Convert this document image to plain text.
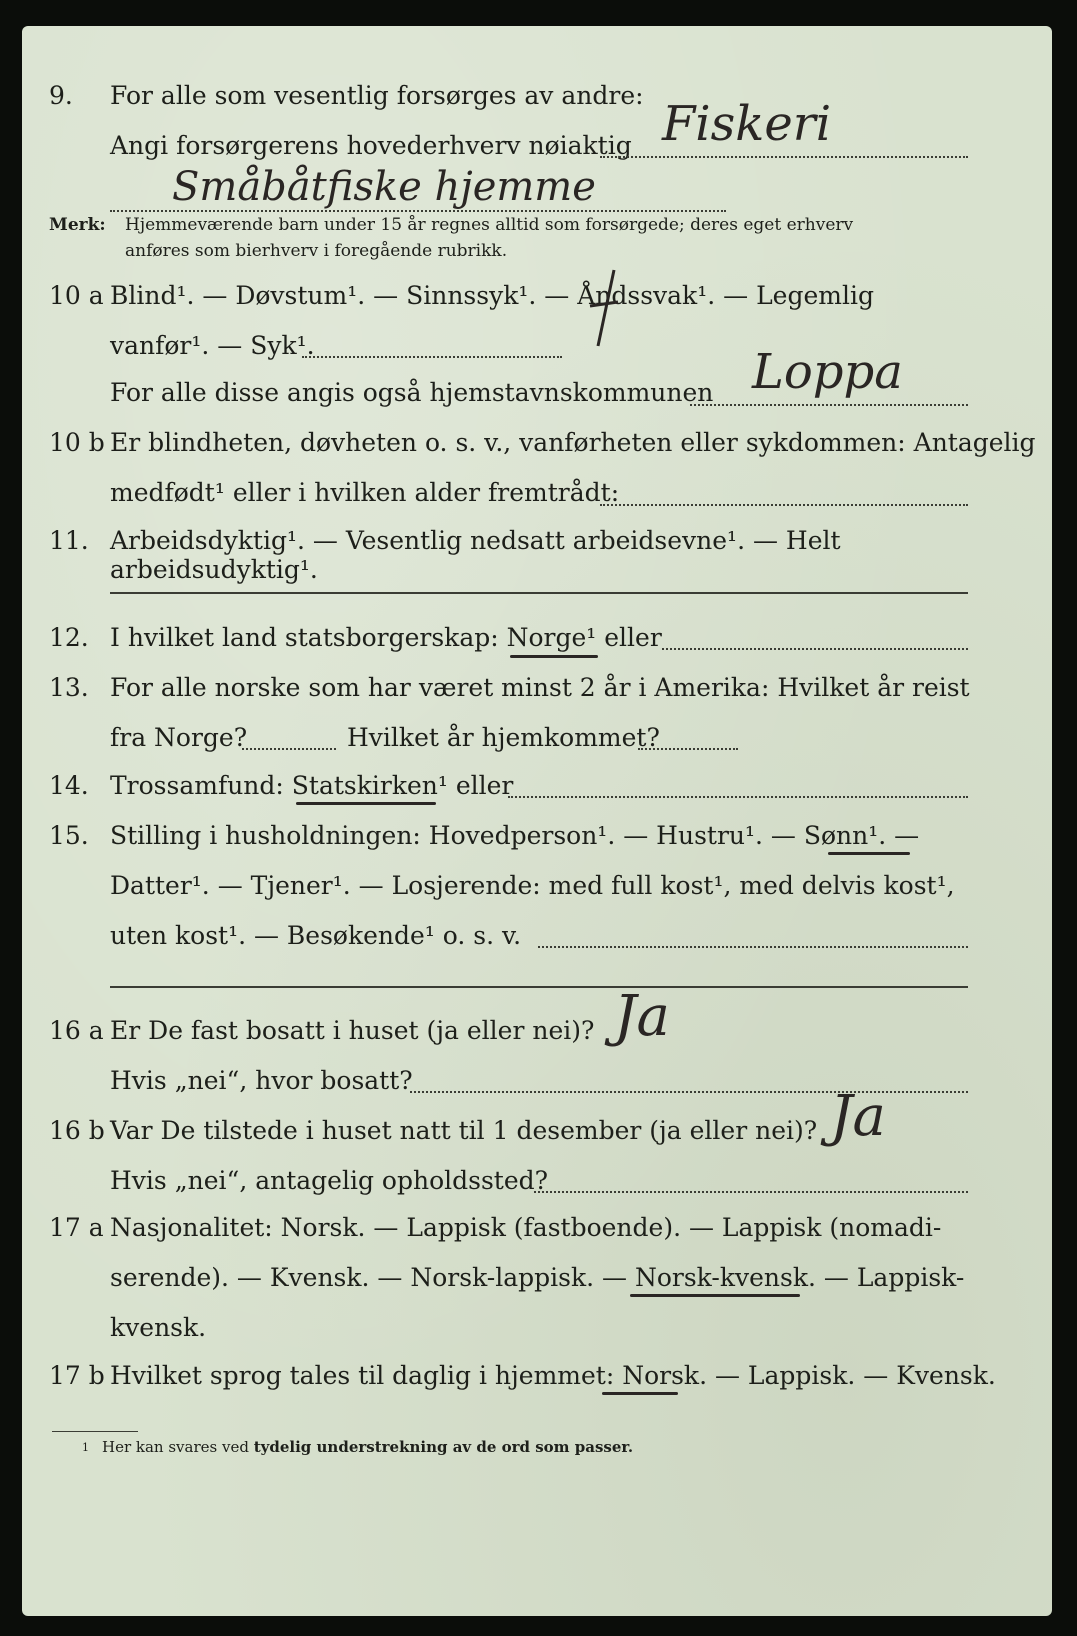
9. For alle som vesentlig forsørges av andre:
Angi forsørgerens hovederhverv nøiaktig Fiskeri
Småbåtfiske hjemme
Merk: Hjemmeværende barn under 15 år regnes alltid som forsørgede; deres eget erhverv
anføres som bierhverv i foregående rubrikk.
10 a Blind¹. — Døvstum¹. — Sinnssyk¹. — Åndssvak¹. — Legemlig
vanfør¹. — Syk¹.
For alle disse angis også hjemstavnskommunen Loppa
10 b Er blindheten, døvheten o. s. v., vanførheten eller sykdommen: Antagelig
medfødt¹ eller i hvilken alder fremtrådt:
11. Arbeidsdyktig¹. — Vesentlig nedsatt arbeidsevne¹. — Helt arbeidsudyktig¹.
12. I hvilket land statsborgerskap: Norge¹ eller
13. For alle norske som har været minst 2 år i Amerika: Hvilket år reist
fra Norge?	Hvilket år hjemkommet?
14. Trossamfund: Statskirken¹ eller
15. Stilling i husholdningen: Hovedperson¹. — Hustru¹. — Sønn¹. —
Datter¹. — Tjener¹. — Losjerende: med full kost¹, med delvis kost¹,
uten kost¹. — Besøkende¹ o. s. v.
16 a Er De fast bosatt i huset (ja eller nei)? Ja
Hvis „nei“, hvor bosatt?
16 b Var De tilstede i huset natt til 1 desember (ja eller nei)? Ja
Hvis „nei“, antagelig opholdssted?
17 a Nasjonalitet: Norsk. — Lappisk (fastboende). — Lappisk (nomadi-
serende). — Kvensk. — Norsk-lappisk. — Norsk-kvensk. — Lappisk-
kvensk.
17 b Hvilket sprog tales til daglig i hjemmet: Norsk. — Lappisk. — Kvensk.
1 Her kan svares ved tydelig understrekning av de ord som passer.
